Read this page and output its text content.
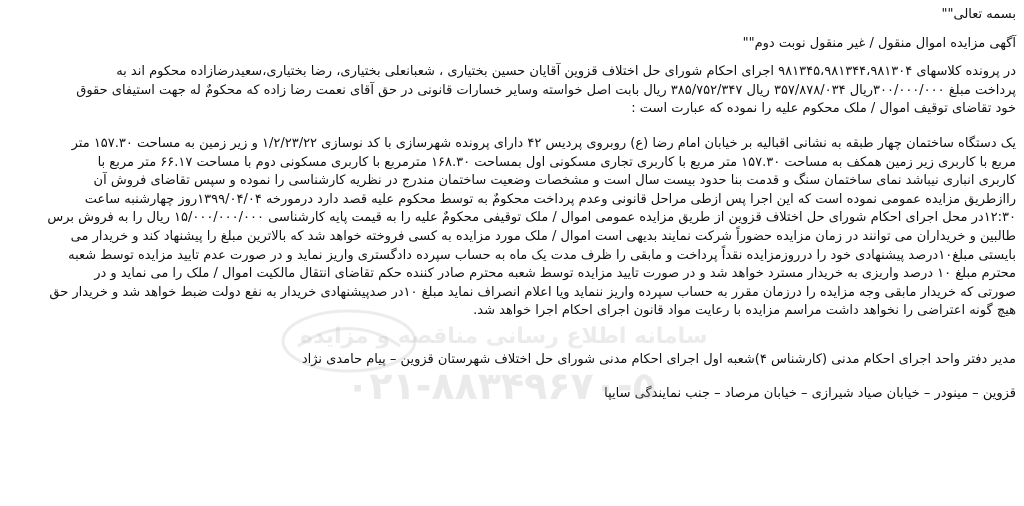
بسمه تعالی""
آگهی مزایده اموال منقول / غیر منقول نوبت دوم""
در پرونده کلاسهای ۹۸۱۳۴۵،۹۸۱۳۴۴،۹۸۱۳۰۴ اجرای احکام شورای حل اختلاف قزوین آقایان حسین بختیاری ، شعبانعلی بختیاری، رضا بختیاری،سعیدرضازاده محکوم اند به
پرداخت مبلغ ۳۰۰/۰۰۰/۰۰۰ریال ۳۵۷/۸۷۸/۰۳۴ ریال ۳۸۵/۷۵۲/۳۴۷ ریال بابت اصل خواسته وسایر خسارات قانونی در حق آقای نعمت رضا زاده که محکومٌ له جهت استیفای حقوق
خود تقاضای توقیف اموال / ملک محکوم علیه را نموده که عبارت است :
یک دستگاه ساختمان چهار طبقه به نشانی اقبالیه بر خیابان امام رضا (ع) روبروی پردیس ۴۲ دارای پرونده شهرسازی با کد نوسازی ۱/۲/۲۳/۲۲ و زیر زمین به مساحت ۱۵۷.۳۰ متر
مربع با کاربری زیر زمین همکف به مساحت ۱۵۷.۳۰ متر مربع با کاربری تجاری مسکونی اول بمساحت ۱۶۸.۳۰ مترمربع با کاربری مسکونی دوم با مساحت ۶۶.۱۷ متر مربع با
کاربری انباری نیباشد نمای ساختمان سنگ و قدمت بنا حدود بیست سال است و مشخصات وضعیت ساختمان مندرج در نظریه کارشناسی را نموده و سپس تقاضای فروش آن
راازطریق مزایده عمومی نموده است که این اجرا پس ازطی مراحل قانونی وعدم پرداخت محکومٌ به توسط محکوم علیه قصد دارد درمورخه ۱۳۹۹/۰۴/۰۴روز چهارشنبه ساعت
۱۲:۳۰در محل اجرای احکام شورای حل اختلاف قزوین از طریق مزایده عمومی اموال / ملک توقیفی محکومٌ علیه را به قیمت پایه کارشناسی ۱۵/۰۰۰/۰۰۰/۰۰۰ ریال را به فروش برس
طالبین و خریداران می توانند در زمان مزایده حضوراً شرکت نمایند بدیهی است اموال / ملک مورد مزایده به کسی فروخته خواهد شد که بالاترین مبلغ را پیشنهاد کند و خریدار می
بایستی مبلغ۱۰درصد پیشنهادی خود را درروزمزایده نقداً پرداخت و مابقی را ظرف مدت یک ماه به حساب سپرده دادگستری واریز نماید و در صورت عدم تایید مزایده توسط شعبه
محترم مبلغ ۱۰ درصد واریزی به خریدار مسترد خواهد شد و در صورت تایید مزایده توسط شعبه محترم صادر کننده حکم تقاضای انتقال مالکیت اموال / ملک را می نماید و در
صورتی که خریدار مابقی وجه مزایده را درزمان مقرر به حساب سپرده واریز ننماید ویا اعلام انصراف نماید مبلغ ۱۰در صدپیشنهادی خریدار به نفع دولت ضبط خواهد شد و خریدار حق
هیچ گونه اعتراضی را نخواهد داشت مراسم مزایده با رعایت مواد قانون اجرای احکام اجرا خواهد شد.
مدیر دفتر واحد اجرای احکام مدنی (کارشناس ۴)شعبه اول اجرای احکام مدنی شورای حل اختلاف شهرستان قزوین – پیام حامدی نژاد
قزوین – مینودر – خیابان صیاد شیرازی – خیابان مرصاد – جنب نمایندگی سایپا
سامانه اطلاع رسانی مناقصه و مزایده
۰۲۱-۸۸۳۴۹۶۷۰-۵
